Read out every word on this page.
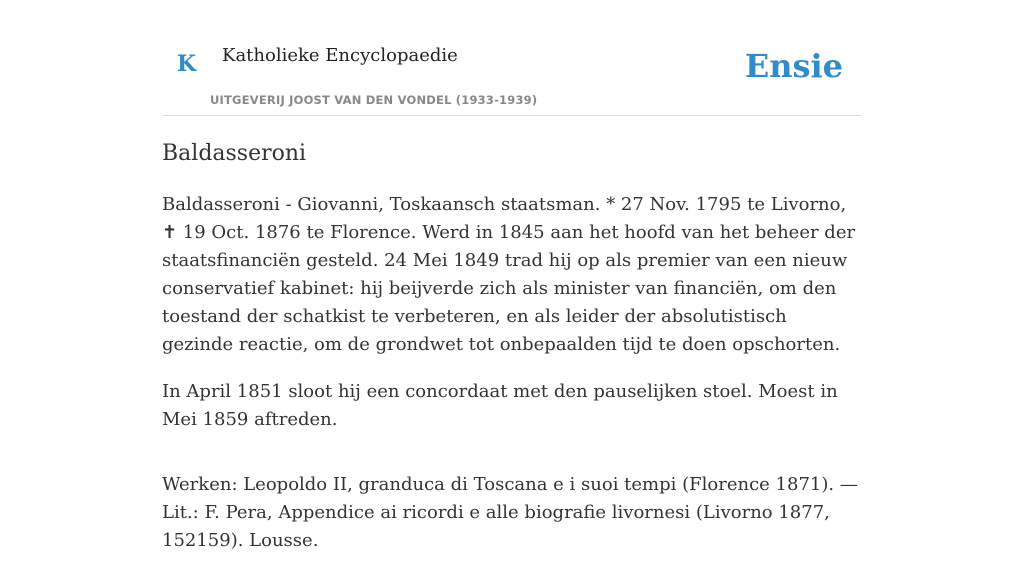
K Katholieke Encyclopaedie
UITGEVERIJ JOOST VAN DEN VONDEL (1933-1939)
Ensie
Baldasseroni

Baldasseroni - Giovanni, Toskaansch staatsman. * 27 Nov. 1795 te Livorno, ✝ 19 Oct. 1876 te Florence. Werd in 1845 aan het hoofd van het beheer der staatsfinanciën gesteld. 24 Mei 1849 trad hij op als premier van een nieuw conservatief kabinet: hij beijverde zich als minister van financiën, om den toestand der schatkist te verbeteren, en als leider der absolutistisch gezinde reactie, om de grondwet tot onbepaalden tijd te doen opschorten.

In April 1851 sloot hij een concordaat met den pauselijken stoel. Moest in Mei 1859 aftreden.

Werken: Leopoldo II, granduca di Toscana e i suoi tempi (Florence 1871). — Lit.: F. Pera, Appendice ai ricordi e alle biografie livornesi (Livorno 1877, 152159). Lousse.
